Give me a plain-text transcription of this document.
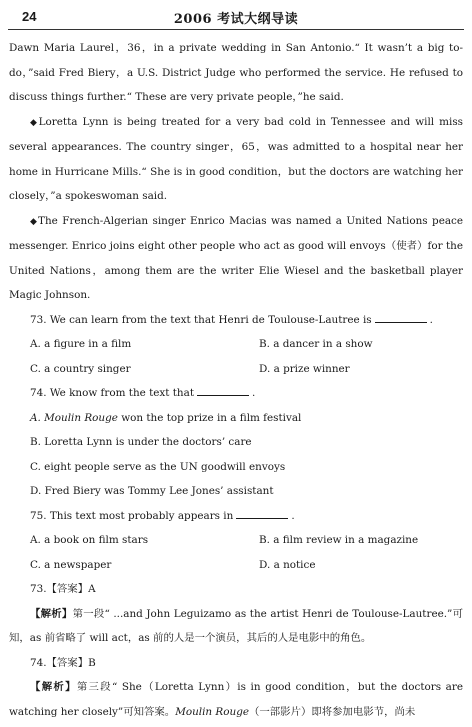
24	2006 考试大纲导读

Dawn Maria Laurel，36，in a private wedding in San Antonio.“ It wasn’t a big to-do，”said Fred Biery，a U.S. District Judge who performed the service. He refused to discuss things further.“ These are very private people，”he said.

◆Loretta Lynn is being treated for a very bad cold in Tennessee and will miss several appearances. The country singer，65，was admitted to a hospital near her home in Hurricane Mills.“ She is in good condition，but the doctors are watching her closely，”a spokeswoman said.

◆The French-Algerian singer Enrico Macias was named a United Nations peace messenger. Enrico joins eight other people who act as good will envoys（使者）for the United Nations，among them are the writer Elie Wiesel and the basketball player Magic Johnson.

73. We can learn from the text that Henri de Toulouse-Lautree is	.
A. a figure in a film	B. a dancer in a show
C. a country singer	D. a prize winner
74. We know from the text that	.
A. Moulin Rouge won the top prize in a film festival
B. Loretta Lynn is under the doctors’ care
C. eight people serve as the UN goodwill envoys
D. Fred Biery was Tommy Lee Jones’ assistant
75. This text most probably appears in	.
A. a book on film stars	B. a film review in a magazine
C. a newspaper	D. a notice
73.【答案】A

【解析】第一段“ ...and John Leguizamo as the artist Henri de Toulouse-Lautree.”可知，as 前省略了 will act，as 前的人是一个演员，其后的人是电影中的角色。

74.【答案】B

【解析】第三段“ She（Loretta Lynn）is in good condition，but the doctors are watching her closely”可知答案。Moulin Rouge（一部影片）即将参加电影节，尚未
